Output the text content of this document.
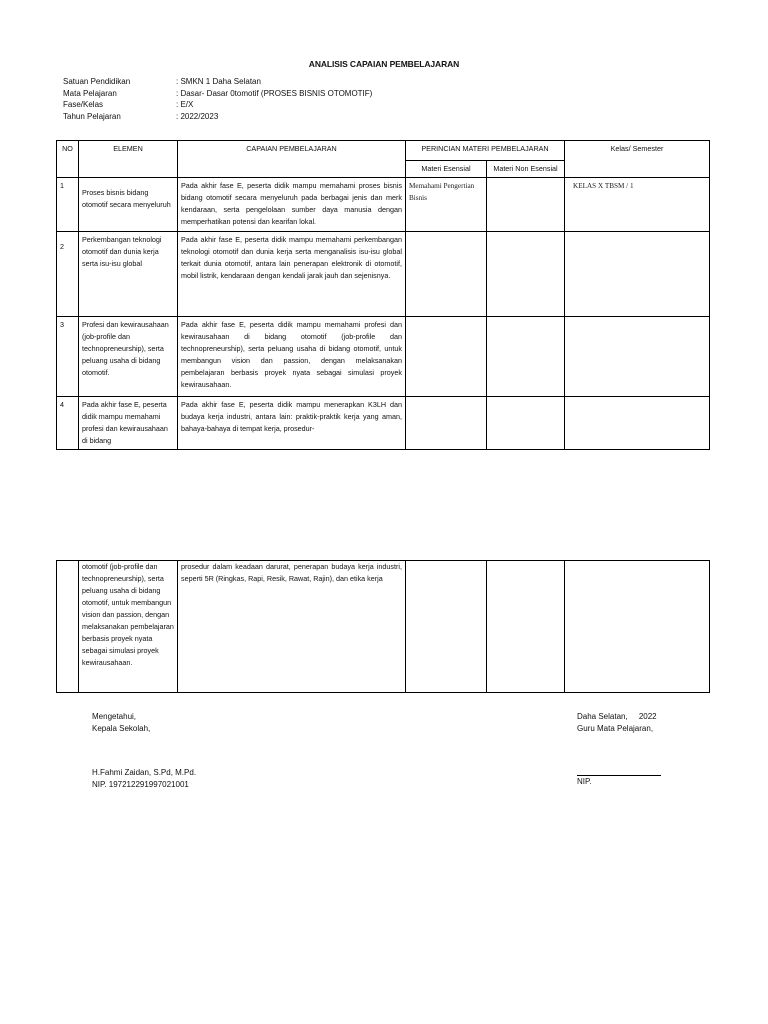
ANALISIS CAPAIAN PEMBELAJARAN
Satuan Pendidikan	: SMKN 1 Daha Selatan
Mata Pelajaran	: Dasar- Dasar 0tomotif (PROSES BISNIS OTOMOTIF)
Fase/Kelas	: E/X
Tahun Pelajaran	: 2022/2023
NO	ELEMEN	CAPAIAN PEMBELAJARAN	PERINCIAN MATERI PEMBELAJARAN		Kelas/ Semester
			Materi Esensial	Materi Non Esensial	
1	Proses bisnis bidang otomotif secara menyeluruh	Pada akhir fase E, peserta didik mampu memahami proses bisnis bidang otomotif secara menyeluruh pada berbagai jenis dan merk kendaraan, serta pengelolaan sumber daya manusia dengan memperhatikan potensi dan kearifan lokal.	Memahami Pengertian Bisnis		KELAS X TBSM / 1
2	Perkembangan teknologi otomotif dan dunia kerja serta isu-isu global	Pada akhir fase E, peserta didik mampu memahami perkembangan teknologi otomotif dan dunia kerja serta menganalisis isu-isu global terkait dunia otomotif, antara lain penerapan elektronik di otomotif, mobil listrik, kendaraan dengan kendali jarak jauh dan sejenisnya.			
3	Profesi dan kewirausahaan (job-profile dan technopreneurship), serta peluang usaha di bidang otomotif.	Pada akhir fase E, peserta didik mampu memahami profesi dan kewirausahaan di bidang otomotif (job-profile dan technopreneurship), serta peluang usaha di bidang otomotif, untuk membangun vision dan passion, dengan melaksanakan pembelajaran berbasis proyek nyata sebagai simulasi proyek kewirausahaan.			
4	Pada akhir fase E, peserta didik mampu memahami profesi dan kewirausahaan di bidang	Pada akhir fase E, peserta didik mampu menerapkan K3LH dan budaya kerja industri, antara lain: praktik-praktik kerja yang aman, bahaya-bahaya di tempat kerja, prosedur-			
	otomotif (job-profile dan technopreneurship), serta peluang usaha di bidang otomotif, untuk membangun vision dan passion, dengan melaksanakan pembelajaran berbasis proyek nyata sebagai simulasi proyek kewirausahaan.	prosedur dalam keadaan darurat, penerapan budaya kerja industri, seperti 5R (Ringkas, Rapi, Resik, Rawat, Rajin), dan etika kerja			
Mengetahui,
Kepala Sekolah,
H.Fahmi Zaidan, S.Pd, M.Pd.
NIP. 197212291997021001
Daha Selatan,     2022
Guru Mata Pelajaran,
NIP.
